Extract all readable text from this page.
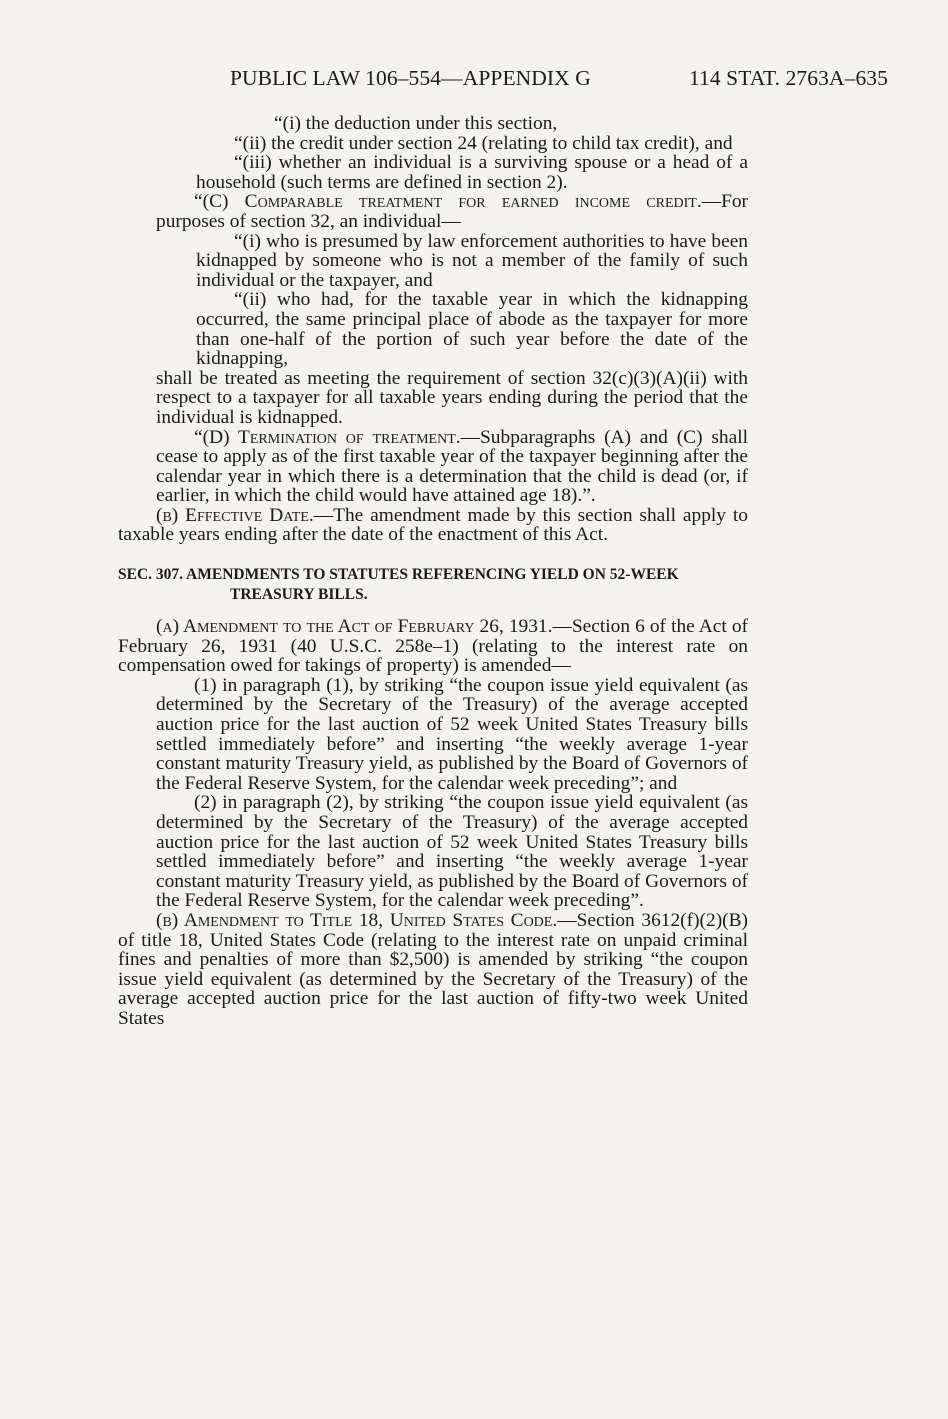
PUBLIC LAW 106–554—APPENDIX G	114 STAT. 2763A–635

“(i) the deduction under this section,

“(ii) the credit under section 24 (relating to child tax credit), and

“(iii) whether an individual is a surviving spouse or a head of a household (such terms are defined in section 2).

“(C) Comparable treatment for earned income credit.—For purposes of section 32, an individual—

“(i) who is presumed by law enforcement authorities to have been kidnapped by someone who is not a member of the family of such individual or the taxpayer, and

“(ii) who had, for the taxable year in which the kidnapping occurred, the same principal place of abode as the taxpayer for more than one-half of the portion of such year before the date of the kidnapping,

shall be treated as meeting the requirement of section 32(c)(3)(A)(ii) with respect to a taxpayer for all taxable years ending during the period that the individual is kidnapped.

“(D) Termination of treatment.—Subparagraphs (A) and (C) shall cease to apply as of the first taxable year of the taxpayer beginning after the calendar year in which there is a determination that the child is dead (or, if earlier, in which the child would have attained age 18).”.

(b) Effective Date.—The amendment made by this section shall apply to taxable years ending after the date of the enactment of this Act.

SEC. 307. AMENDMENTS TO STATUTES REFERENCING YIELD ON 52-WEEK TREASURY BILLS.

(a) Amendment to the Act of February 26, 1931.—Section 6 of the Act of February 26, 1931 (40 U.S.C. 258e–1) (relating to the interest rate on compensation owed for takings of property) is amended—

(1) in paragraph (1), by striking “the coupon issue yield equivalent (as determined by the Secretary of the Treasury) of the average accepted auction price for the last auction of 52 week United States Treasury bills settled immediately before” and inserting “the weekly average 1-year constant maturity Treasury yield, as published by the Board of Governors of the Federal Reserve System, for the calendar week preceding”; and

(2) in paragraph (2), by striking “the coupon issue yield equivalent (as determined by the Secretary of the Treasury) of the average accepted auction price for the last auction of 52 week United States Treasury bills settled immediately before” and inserting “the weekly average 1-year constant maturity Treasury yield, as published by the Board of Governors of the Federal Reserve System, for the calendar week preceding”.

(b) Amendment to Title 18, United States Code.—Section 3612(f)(2)(B) of title 18, United States Code (relating to the interest rate on unpaid criminal fines and penalties of more than $2,500) is amended by striking “the coupon issue yield equivalent (as determined by the Secretary of the Treasury) of the average accepted auction price for the last auction of fifty-two week United States
